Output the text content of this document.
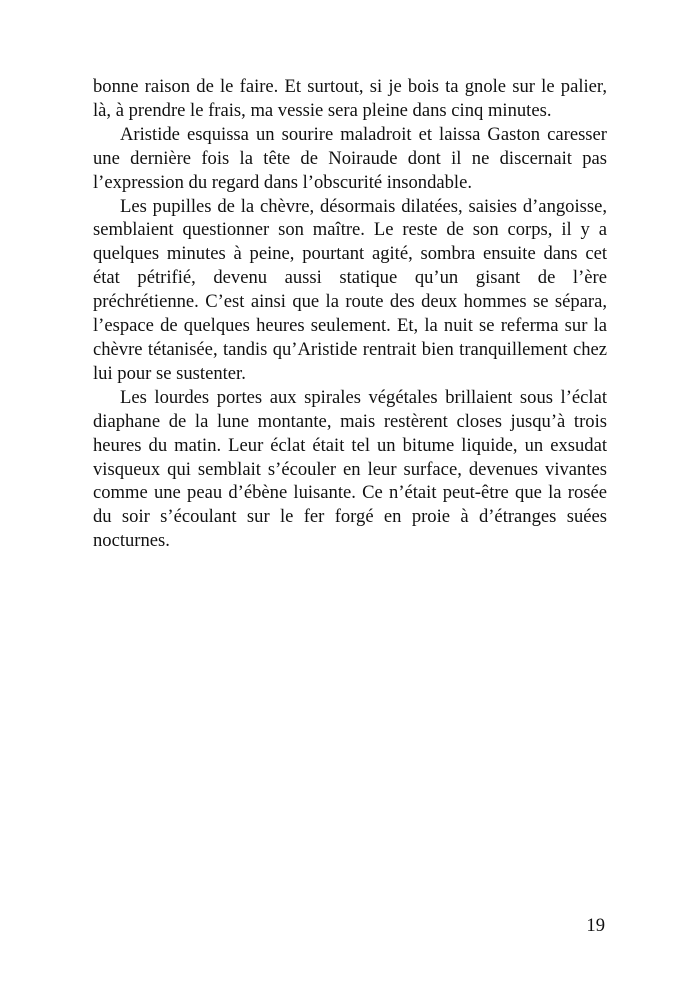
bonne raison de le faire. Et surtout, si je bois ta gnole sur le palier, là, à prendre le frais, ma vessie sera pleine dans cinq minutes.

Aristide esquissa un sourire maladroit et laissa Gaston caresser une dernière fois la tête de Noiraude dont il ne discernait pas l’expression du regard dans l’obscurité insondable.

Les pupilles de la chèvre, désormais dilatées, saisies d’angoisse, semblaient questionner son maître. Le reste de son corps, il y a quelques minutes à peine, pourtant agité, sombra ensuite dans cet état pétrifié, devenu aussi statique qu’un gisant de l’ère préchrétienne. C’est ainsi que la route des deux hommes se sépara, l’espace de quelques heures seulement. Et, la nuit se referma sur la chèvre tétanisée, tandis qu’Aristide rentrait bien tranquillement chez lui pour se sustenter.

Les lourdes portes aux spirales végétales brillaient sous l’éclat diaphane de la lune montante, mais restèrent closes jusqu’à trois heures du matin. Leur éclat était tel un bitume liquide, un exsudat visqueux qui semblait s’écouler en leur surface, devenues vivantes comme une peau d’ébène luisante. Ce n’était peut-être que la rosée du soir s’écoulant sur le fer forgé en proie à d’étranges suées nocturnes.

19
